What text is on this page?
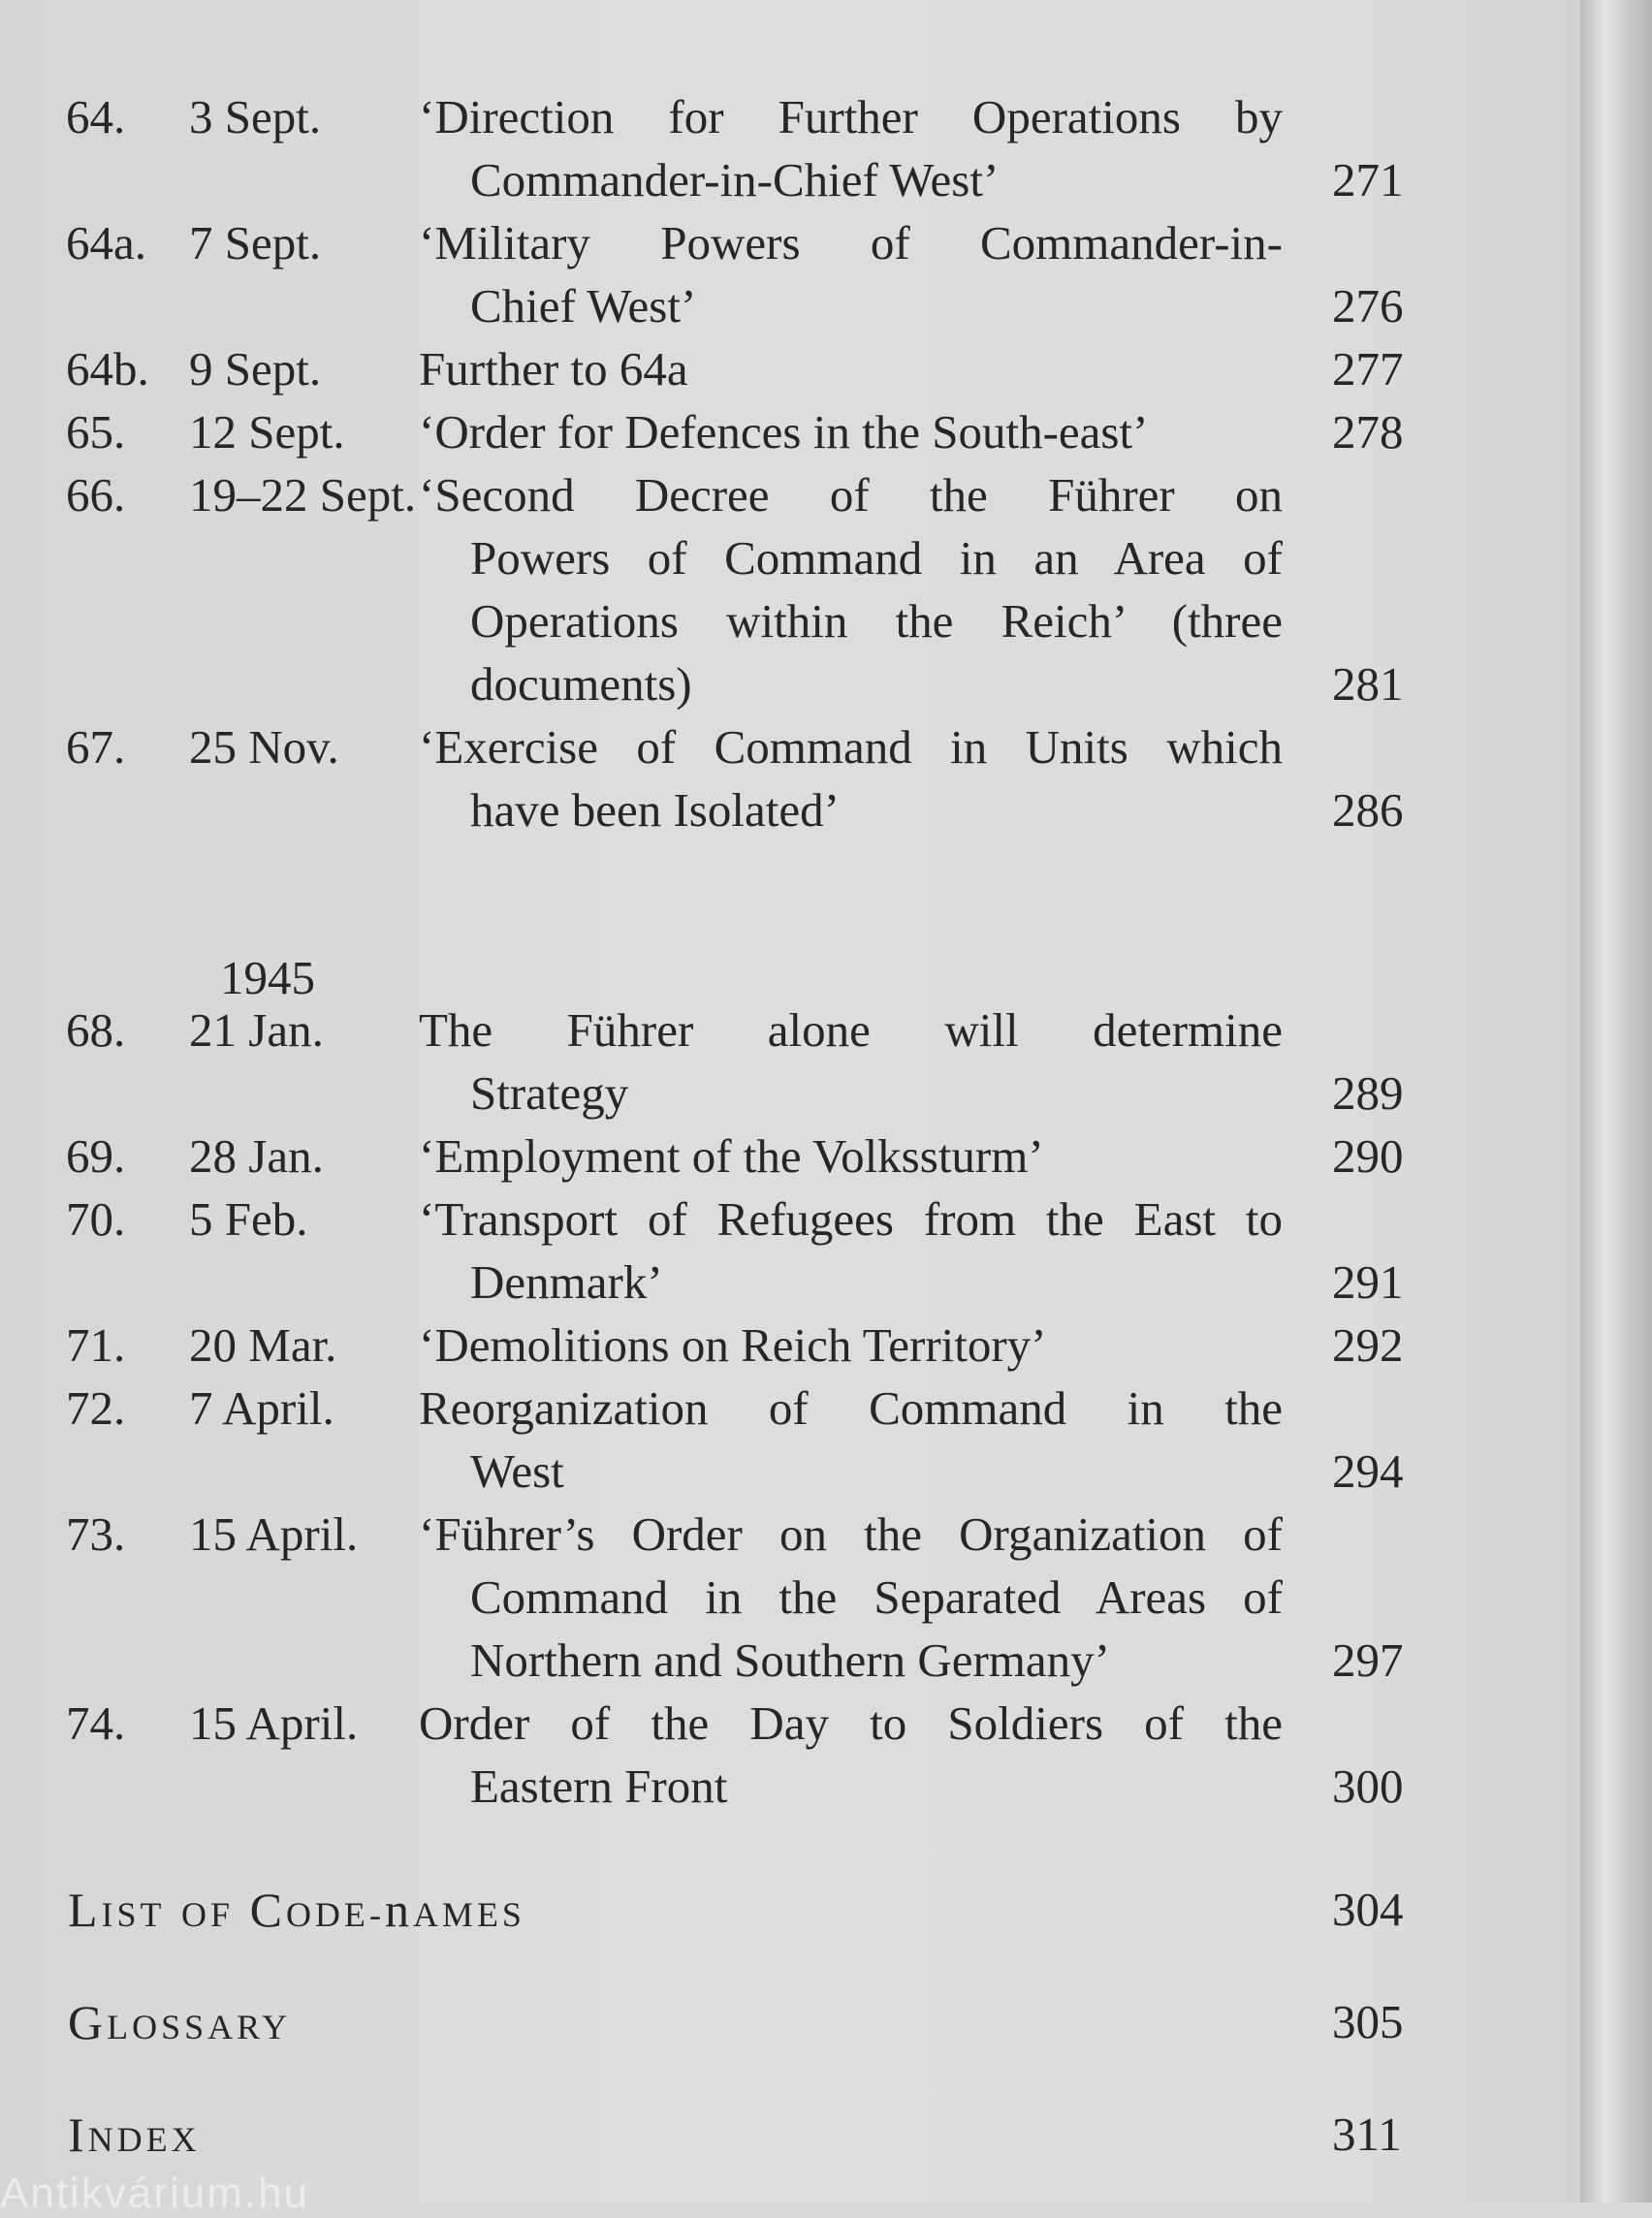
64. 3 Sept. ‘Direction for Further Operations by
Commander-in-Chief West’	271
64a. 7 Sept. ‘Military Powers of Commander-in-
Chief West’	276
64b. 9 Sept. Further to 64a	277
65. 12 Sept. ‘Order for Defences in the South-east’	278
66. 19–22 Sept. ‘Second Decree of the Führer on
Powers of Command in an Area of
Operations within the Reich’ (three
documents)	281
67. 25 Nov. ‘Exercise of Command in Units which
have been Isolated’	286
68. 21 Jan. The Führer alone will determine
Strategy	289
69. 28 Jan. ‘Employment of the Volkssturm’	290
70. 5 Feb. ‘Transport of Refugees from the East to
Denmark’	291
71. 20 Mar. ‘Demolitions on Reich Territory’	292
72. 7 April. Reorganization of Command in the
West	294
73. 15 April. ‘Führer’s Order on the Organization of
Command in the Separated Areas of
Northern and Southern Germany’	297
74. 15 April. Order of the Day to Soldiers of the
Eastern Front	300
1945
LIST OF CODE-nAMES	304
GLOSSARY	305
INDEX	311
Antikvárium.hu
